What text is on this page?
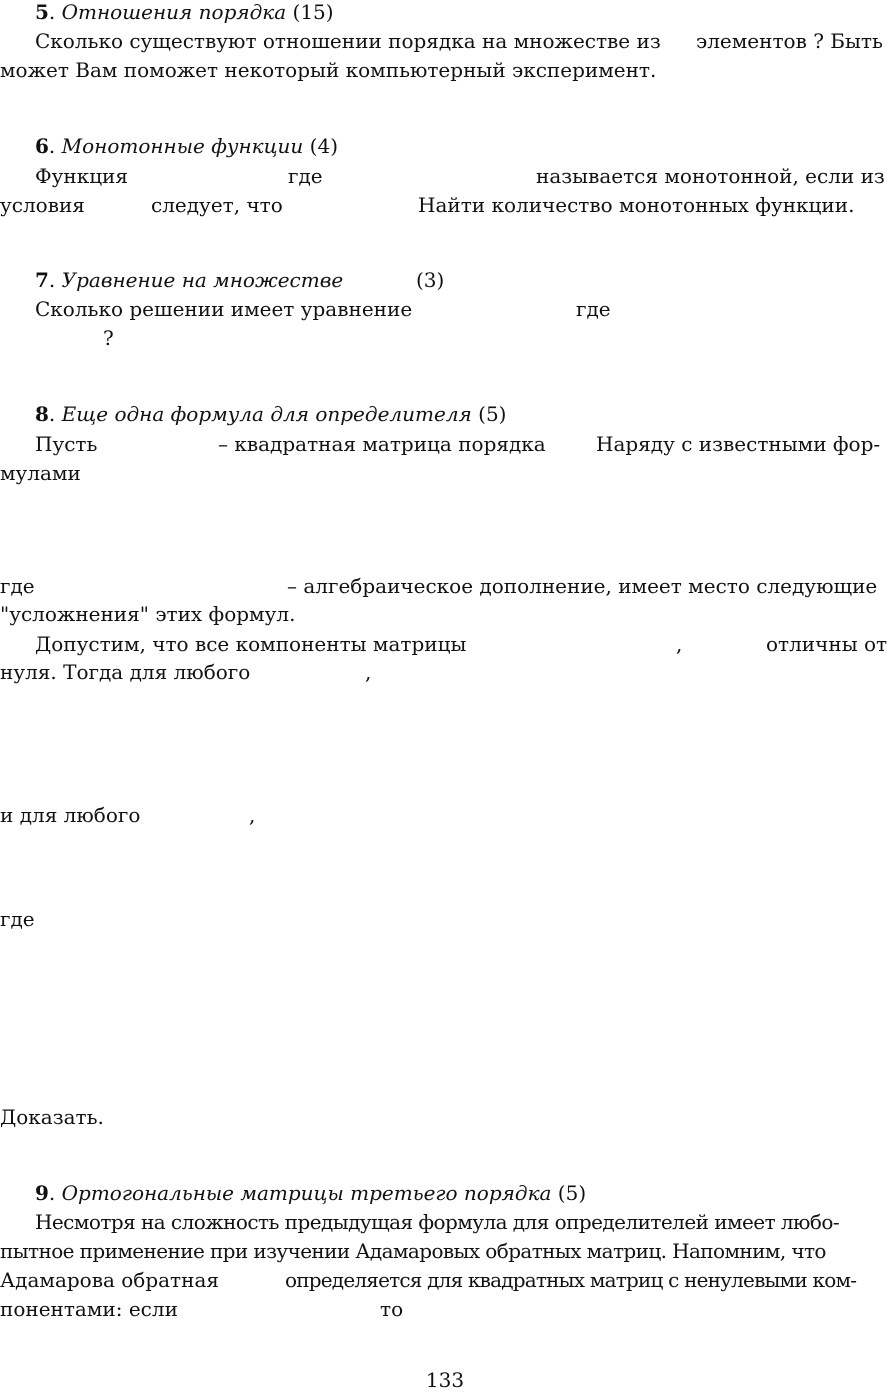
5. Отношения порядка (15)
Сколько существуют отношении порядка на множестве из элементов ? Быть
может Вам поможет некоторый компьютерный эксперимент.
6. Монотонные функции (4)
Функция	где	называется монотонной, если из
условия	следует, что	Найти количество монотонных функции.
7. Уравнение на множестве	(3)
Сколько решении имеет уравнение	где
?
8. Еще одна формула для определителя (5)
Пусть	– квадратная матрица порядка	Наряду с известными фор-
мулами
где	– алгебраическое дополнение, имеет место следующие
"усложнения" этих формул.
Допустим, что все компоненты матрицы	,	отличны от
нуля. Тогда для любого	,
и для любого	,
где
Доказать.
9. Ортогональные матрицы третьего порядка (5)
Несмотря на сложность предыдущая формула для определителей имеет любо-
пытное применение при изучении Адамаровых обратных матриц. Напомним, что
Адамарова обратная	определяется для квадратных матриц с ненулевыми ком-
понентами: если	то
133
